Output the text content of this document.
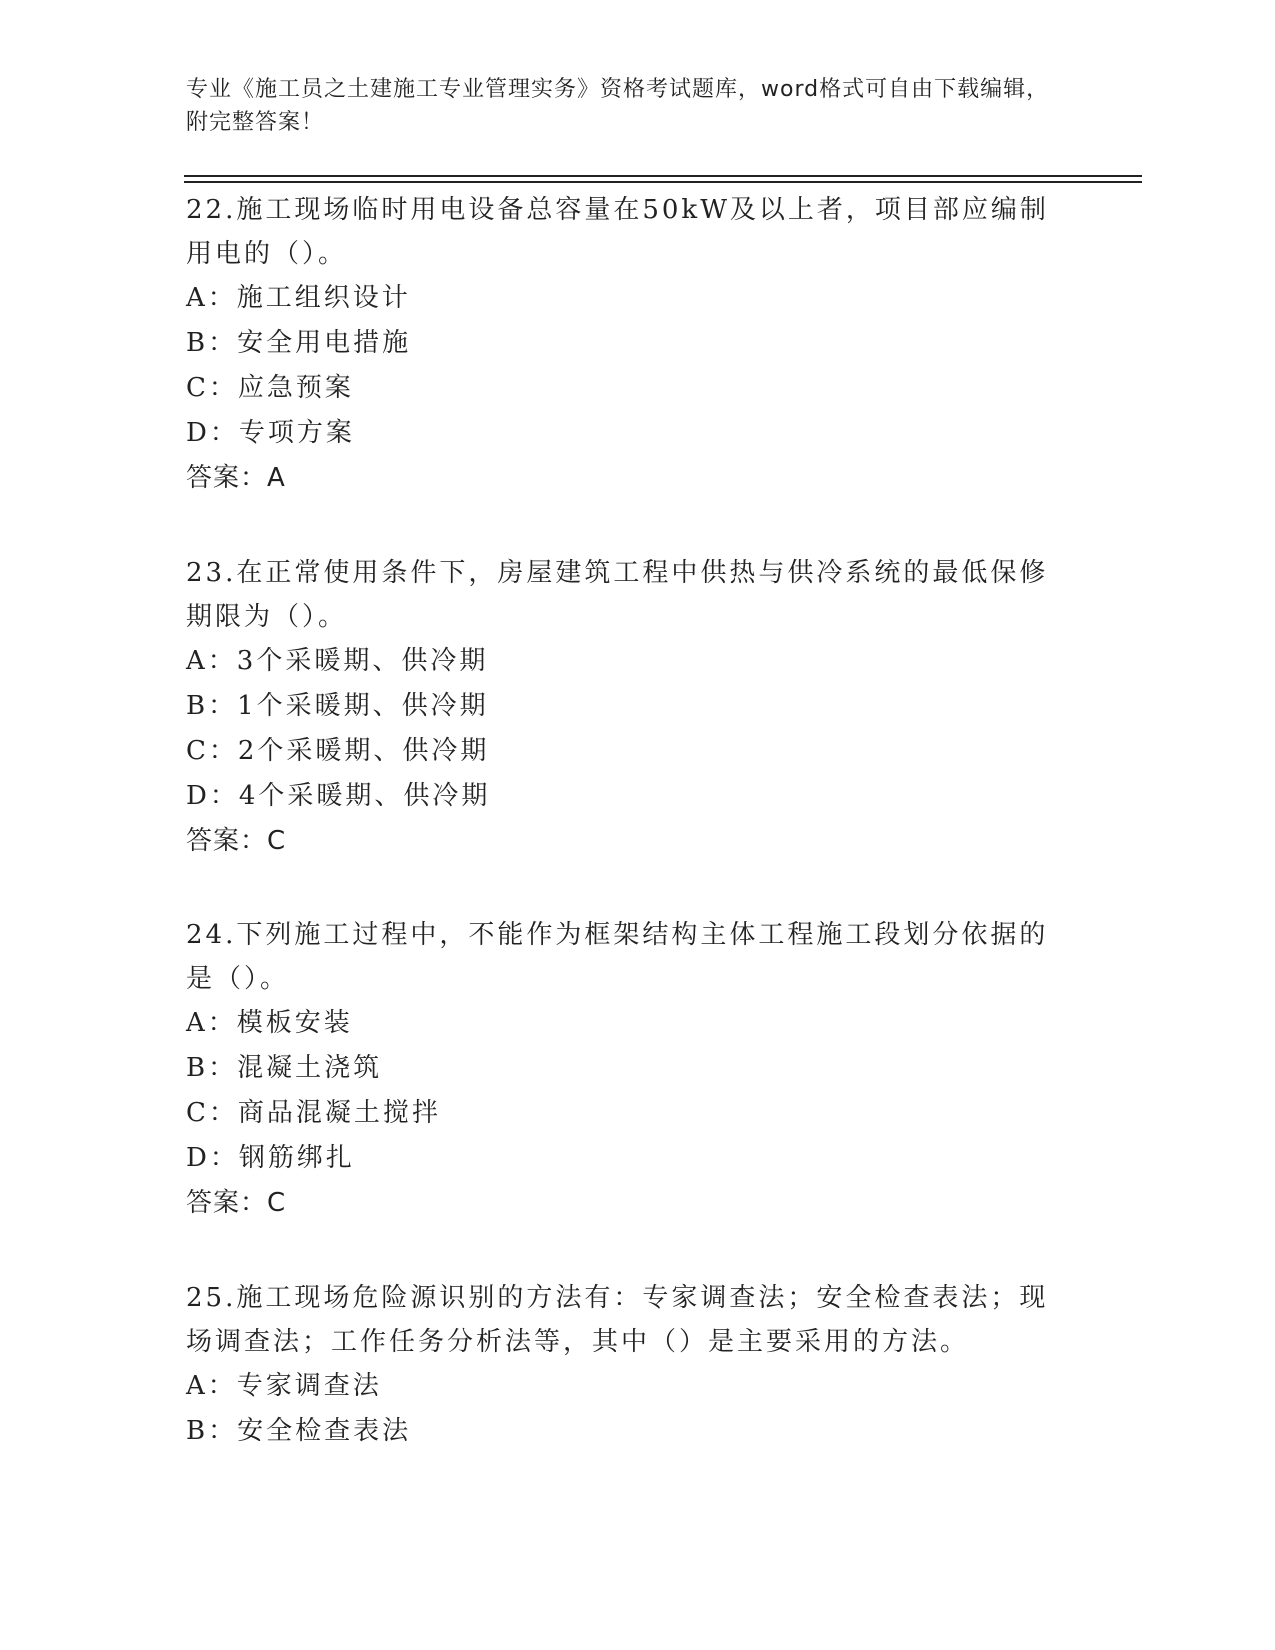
专业《施工员之土建施工专业管理实务》资格考试题库，word格式可自由下载编辑，附完整答案！

22.施工现场临时用电设备总容量在50kW及以上者，项目部应编制用电的（）。

A：施工组织设计

B：安全用电措施

C：应急预案

D：专项方案

答案：A

23.在正常使用条件下，房屋建筑工程中供热与供冷系统的最低保修期限为（）。

A：3个采暖期、供冷期

B：1个采暖期、供冷期

C：2个采暖期、供冷期

D：4个采暖期、供冷期

答案：C

24.下列施工过程中，不能作为框架结构主体工程施工段划分依据的是（）。

A：模板安装

B：混凝土浇筑

C：商品混凝土搅拌

D：钢筋绑扎

答案：C

25.施工现场危险源识别的方法有：专家调查法；安全检查表法；现场调查法；工作任务分析法等，其中（）是主要采用的方法。

A：专家调查法

B：安全检查表法
